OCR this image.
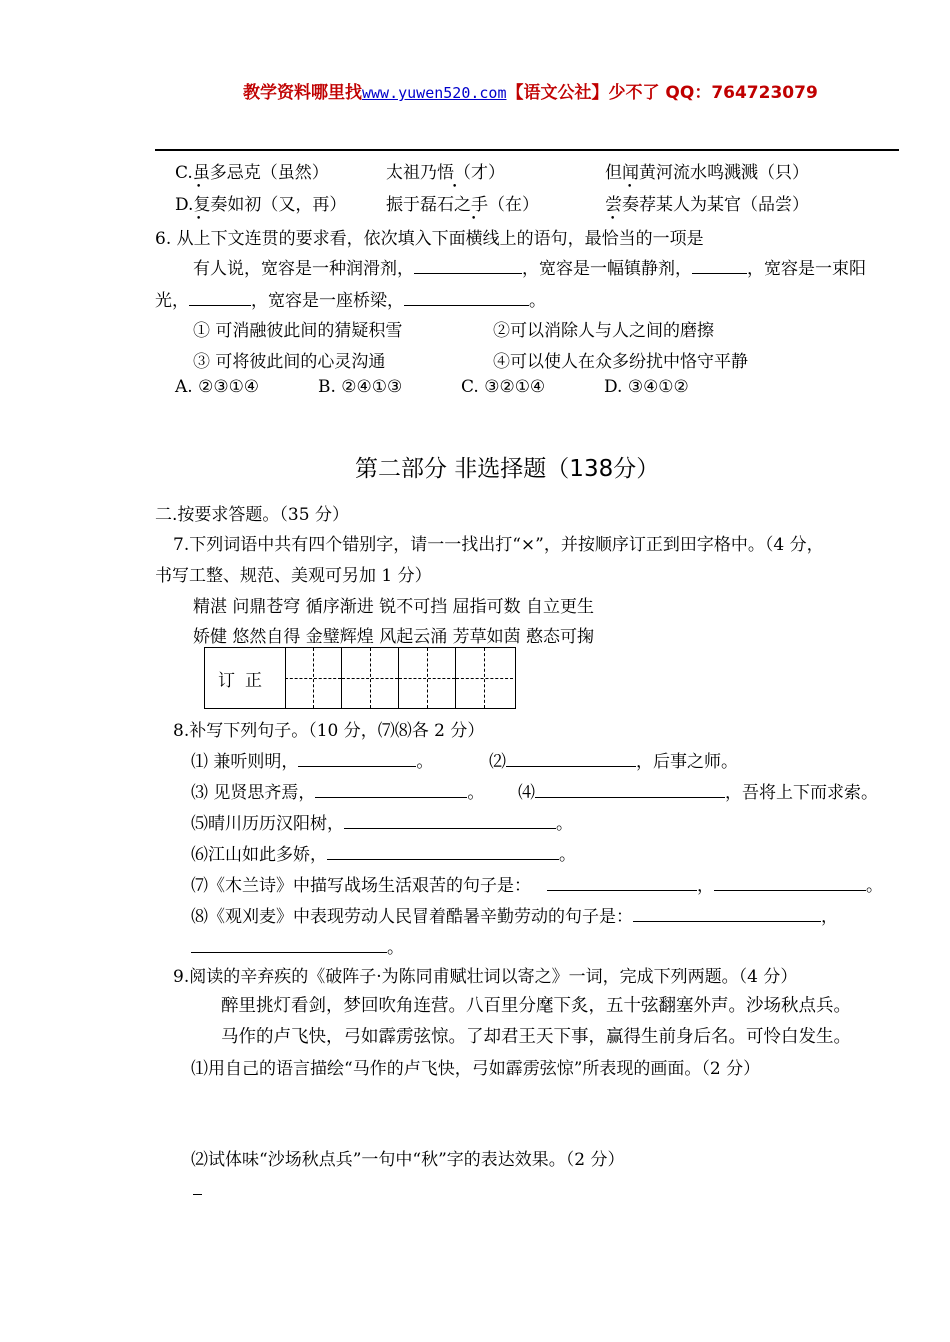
教学资料哪里找www.yuwen520.com【语文公社】少不了 QQ：764723079
C.虽多忌克（虽然）	太祖乃悟（才）	但闻黄河流水鸣溅溅（只）
D.复奏如初（又，再） 振于磊石之手（在）	尝奏荐某人为某官（品尝）
•	•	•
•	•	•
6. 从上下文连贯的要求看，依次填入下面横线上的语句，最恰当的一项是
有人说，宽容是一种润滑剂，	，宽容是一幅镇静剂，	，宽容是一束阳
光，	，宽容是一座桥梁，	。
① 可消融彼此间的猜疑积雪	②可以消除人与人之间的磨擦
③ 可将彼此间的心灵沟通	④可以使人在众多纷扰中恪守平静
A. ②③①④	B. ②④①③	C. ③②①④	D. ③④①②
第二部分 非选择题（138分）
二.按要求答题。（35 分）
7.下列词语中共有四个错别字，请一一找出打“×”，并按顺序订正到田字格中。（4 分，
书写工整、规范、美观可另加 1 分）
精湛 问鼎苍穹 循序渐进 锐不可挡 屈指可数 自立更生
娇健 悠然自得 金璧辉煌 风起云涌 芳草如茵 憨态可掬
订正
8.补写下列句子。（10 分，⑺⑻各 2 分）
⑴ 兼听则明，	。	⑵	，后事之师。
⑶ 见贤思齐焉，	。 ⑷	，吾将上下而求索。
⑸晴川历历汉阳树，	。
⑹江山如此多娇，	。
⑺《木兰诗》中描写战场生活艰苦的句子是：	，	。
⑻《观刈麦》中表现劳动人民冒着酷暑辛勤劳动的句子是：	，
。
9.阅读的辛弃疾的《破阵子·为陈同甫赋壮词以寄之》一词，完成下列两题。（4 分）
醉里挑灯看剑，梦回吹角连营。八百里分麾下炙，五十弦翻塞外声。沙场秋点兵。
马作的卢飞快，弓如霹雳弦惊。了却君王天下事，赢得生前身后名。可怜白发生。
⑴用自己的语言描绘“马作的卢飞快，弓如霹雳弦惊”所表现的画面。（2 分）
⑵试体味“沙场秋点兵”一句中“秋”字的表达效果。（2 分）
